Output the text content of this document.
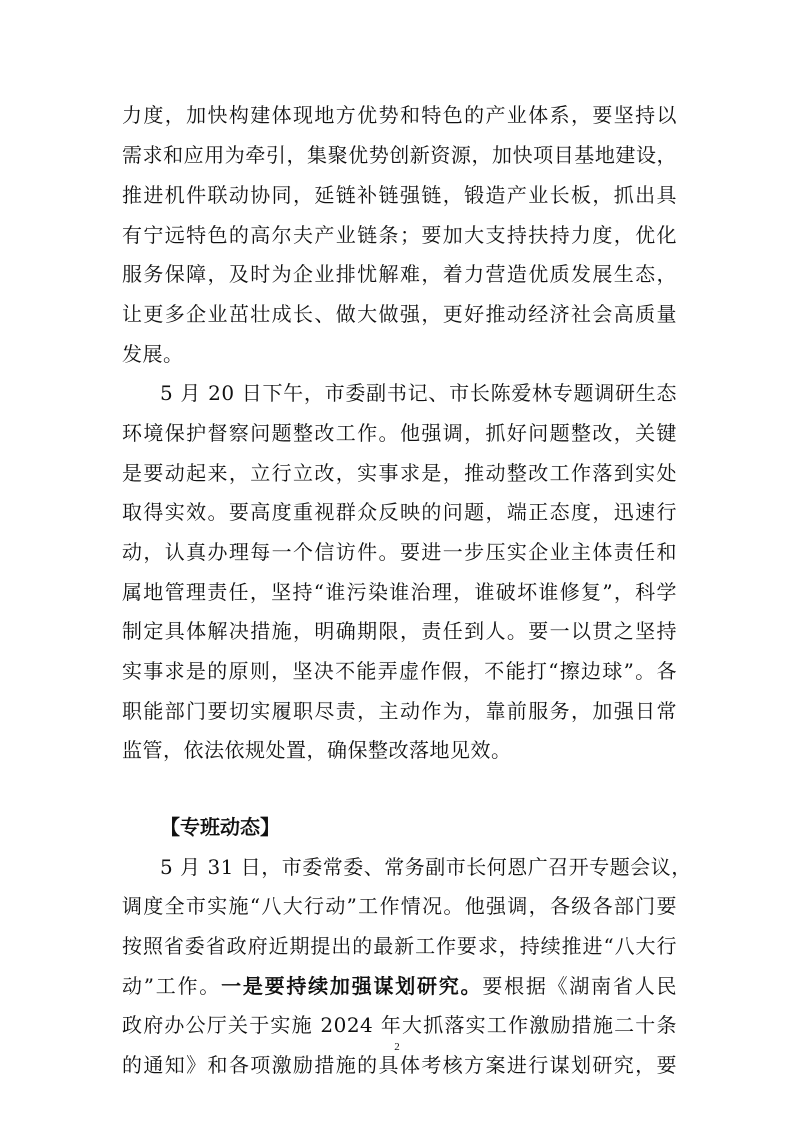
力度，加快构建体现地方优势和特色的产业体系，要坚持以
需求和应用为牵引，集聚优势创新资源，加快项目基地建设，
推进机件联动协同，延链补链强链，锻造产业长板，抓出具
有宁远特色的高尔夫产业链条；要加大支持扶持力度，优化
服务保障，及时为企业排忧解难，着力营造优质发展生态，
让更多企业茁壮成长、做大做强，更好推动经济社会高质量
发展。
5 月 20 日下午，市委副书记、市长陈爱林专题调研生态
环境保护督察问题整改工作。他强调，抓好问题整改，关键
是要动起来，立行立改，实事求是，推动整改工作落到实处
取得实效。要高度重视群众反映的问题，端正态度，迅速行
动，认真办理每一个信访件。要进一步压实企业主体责任和
属地管理责任，坚持“谁污染谁治理，谁破坏谁修复”，科学
制定具体解决措施，明确期限，责任到人。要一以贯之坚持
实事求是的原则，坚决不能弄虚作假，不能打“擦边球”。各
职能部门要切实履职尽责，主动作为，靠前服务，加强日常
监管，依法依规处置，确保整改落地见效。
【专班动态】
5 月 31 日，市委常委、常务副市长何恩广召开专题会议，
调度全市实施“八大行动”工作情况。他强调，各级各部门要
按照省委省政府近期提出的最新工作要求，持续推进“八大行
动”工作。一是要持续加强谋划研究。要根据《湖南省人民
政府办公厅关于实施 2024 年大抓落实工作激励措施二十条
的通知》和各项激励措施的具体考核方案进行谋划研究，要
2
